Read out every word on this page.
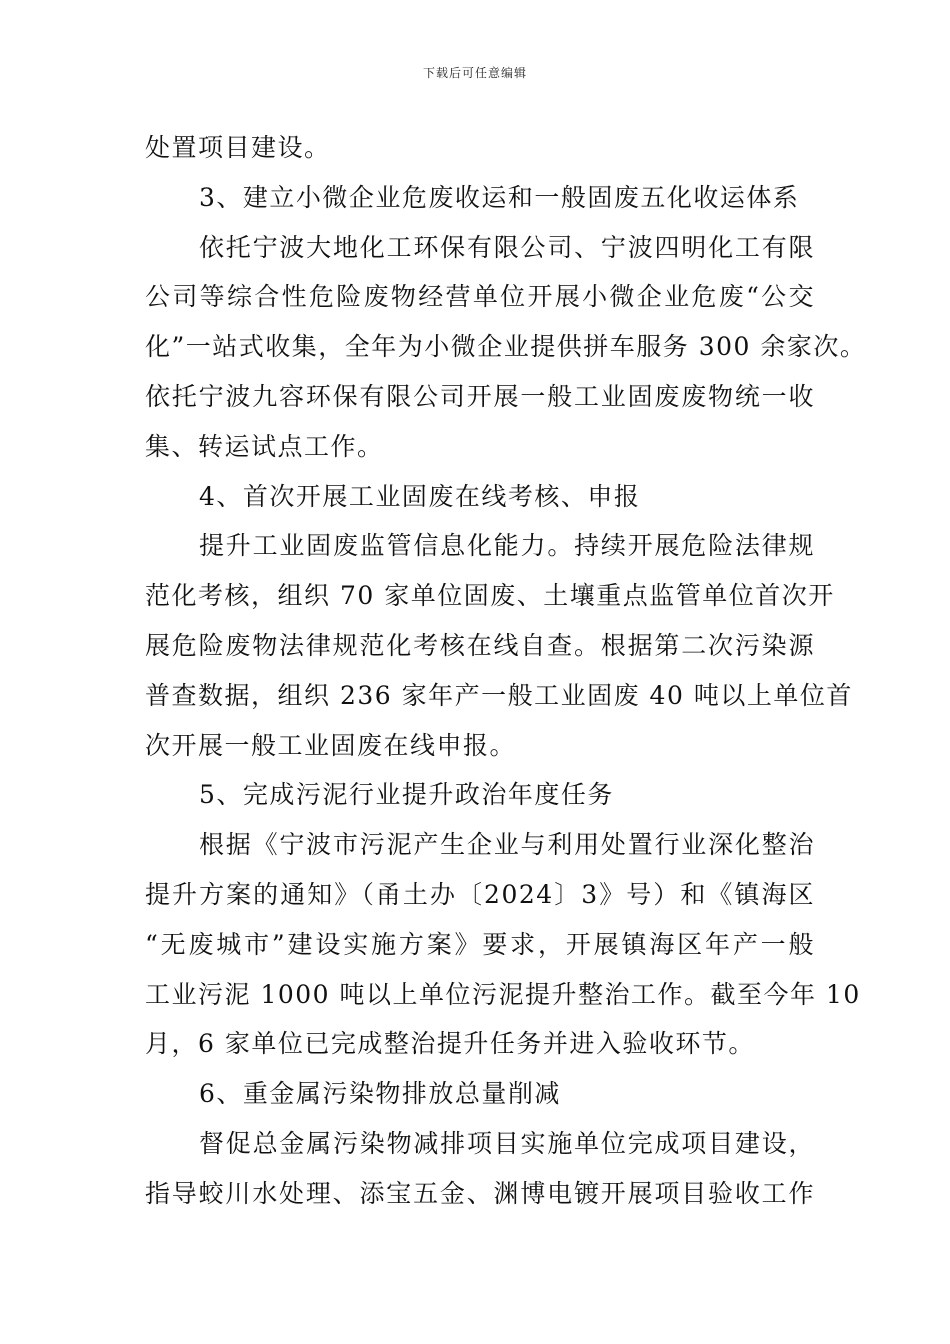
下载后可任意编辑
处置项目建设。
3、建立小微企业危废收运和一般固废五化收运体系
依托宁波大地化工环保有限公司、宁波四明化工有限
公司等综合性危险废物经营单位开展小微企业危废“公交
化”一站式收集，全年为小微企业提供拼车服务 300 余家次。
依托宁波九容环保有限公司开展一般工业固废废物统一收
集、转运试点工作。
4、首次开展工业固废在线考核、申报
提升工业固废监管信息化能力。持续开展危险法律规
范化考核，组织 70 家单位固废、土壤重点监管单位首次开
展危险废物法律规范化考核在线自查。根据第二次污染源
普查数据，组织 236 家年产一般工业固废 40 吨以上单位首
次开展一般工业固废在线申报。
5、完成污泥行业提升政治年度任务
根据《宁波市污泥产生企业与利用处置行业深化整治
提升方案的通知》（甬土办〔2024〕3》号）和《镇海区
“无废城市”建设实施方案》要求，开展镇海区年产一般
工业污泥 1000 吨以上单位污泥提升整治工作。截至今年 10
月，6 家单位已完成整治提升任务并进入验收环节。
6、重金属污染物排放总量削减
督促总金属污染物减排项目实施单位完成项目建设，
指导蛟川水处理、添宝五金、渊博电镀开展项目验收工作
